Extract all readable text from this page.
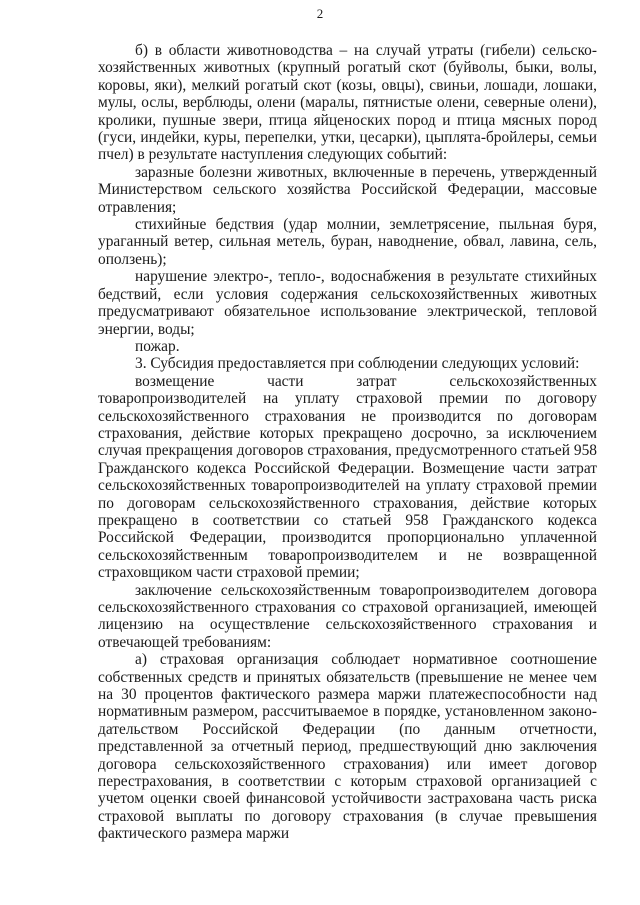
2

б) в области животноводства – на случай утраты (гибели) сельскохозяйственных животных (крупный рогатый скот (буйволы, быки, волы, коровы, яки), мелкий рогатый скот (козы, овцы), свиньи, лошади, лошаки, мулы, ослы, верблюды, олени (маралы, пятнистые олени, северные олени), кролики, пушные звери, птица яйценоских пород и птица мясных пород (гуси, индейки, куры, перепелки, утки, цесарки), цыплята-бройлеры, семьи пчел) в результате наступления следующих событий:

заразные болезни животных, включенные в перечень, утвержденный Министерством сельского хозяйства Российской Федерации, массовые отравления;

стихийные бедствия (удар молнии, землетрясение, пыльная буря, ураганный ветер, сильная метель, буран, наводнение, обвал, лавина, сель, оползень);

нарушение электро-, тепло-, водоснабжения в результате стихийных бедствий, если условия содержания сельскохозяйственных животных предусматривают обязательное использование электрической, тепловой энергии, воды;

пожар.

3. Субсидия предоставляется при соблюдении следующих условий:

возмещение части затрат сельскохозяйственных товаропроизводителей на уплату страховой премии по договору сельскохозяйственного страхования не производится по договорам страхования, действие которых прекращено досрочно, за исключением случая прекращения договоров страхования, предусмотренного статьей 958 Гражданского кодекса Российской Федерации. Возмещение части затрат сельскохозяйственных товаропроизводителей на уплату страховой премии по договорам сельскохозяйственного страхования, действие которых прекращено в соответствии со статьей 958 Гражданского кодекса Российской Федерации, производится пропорционально уплаченной сельскохозяйственным товаропроизводителем и не возвращенной страховщиком части страховой премии;

заключение сельскохозяйственным товаропроизводителем договора сельскохозяйственного страхования со страховой организацией, имеющей лицензию на осуществление сельскохозяйственного страхования и отвечающей требованиям:

а) страховая организация соблюдает нормативное соотношение собственных средств и принятых обязательств (превышение не менее чем на 30 процентов фактического размера маржи платежеспособности над нормативным размером, рассчитываемое в порядке, установленном законодательством Российской Федерации (по данным отчетности, представленной за отчетный период, предшествующий дню заключения договора сельскохозяйственного страхования) или имеет договор перестрахования, в соответствии с которым страховой организацией с учетом оценки своей финансовой устойчивости застрахована часть риска страховой выплаты по договору страхования (в случае превышения фактического размера маржи
